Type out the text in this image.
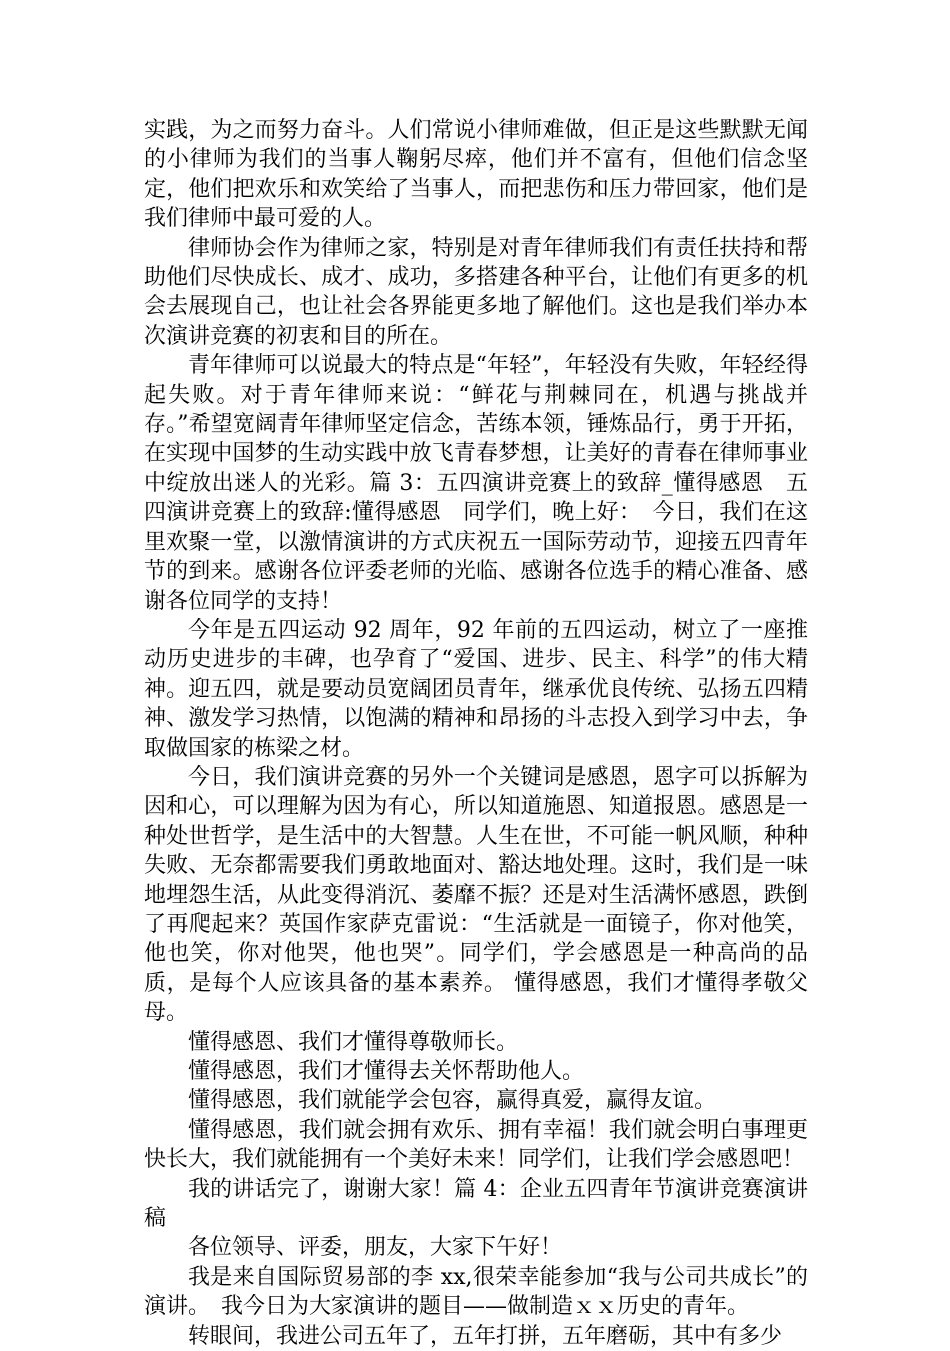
实践，为之而努力奋斗。人们常说小律师难做，但正是这些默默无闻的小律师为我们的当事人鞠躬尽瘁，他们并不富有，但他们信念坚定，他们把欢乐和欢笑给了当事人，而把悲伤和压力带回家，他们是我们律师中最可爱的人。

律师协会作为律师之家，特别是对青年律师我们有责任扶持和帮助他们尽快成长、成才、成功，多搭建各种平台，让他们有更多的机会去展现自己，也让社会各界能更多地了解他们。这也是我们举办本次演讲竞赛的初衷和目的所在。

青年律师可以说最大的特点是“年轻”，年轻没有失败，年轻经得起失败。对于青年律师来说：“鲜花与荆棘同在，机遇与挑战并存。”希望宽阔青年律师坚定信念，苦练本领，锤炼品行，勇于开拓，在实现中国梦的生动实践中放飞青春梦想，让美好的青春在律师事业中绽放出迷人的光彩。篇 3：五四演讲竞赛上的致辞_懂得感恩　五四演讲竞赛上的致辞:懂得感恩　同学们，晚上好：　今日，我们在这里欢聚一堂，以激情演讲的方式庆祝五一国际劳动节，迎接五四青年节的到来。感谢各位评委老师的光临、感谢各位选手的精心准备、感谢各位同学的支持！

今年是五四运动 92 周年，92 年前的五四运动，树立了一座推动历史进步的丰碑，也孕育了“爱国、进步、民主、科学”的伟大精神。迎五四，就是要动员宽阔团员青年，继承优良传统、弘扬五四精神、激发学习热情，以饱满的精神和昂扬的斗志投入到学习中去，争取做国家的栋梁之材。

今日，我们演讲竞赛的另外一个关键词是感恩，恩字可以拆解为因和心，可以理解为因为有心，所以知道施恩、知道报恩。感恩是一种处世哲学，是生活中的大智慧。人生在世，不可能一帆风顺，种种失败、无奈都需要我们勇敢地面对、豁达地处理。这时，我们是一味地埋怨生活，从此变得消沉、萎靡不振？还是对生活满怀感恩，跌倒了再爬起来？英国作家萨克雷说：“生活就是一面镜子，你对他笑，他也笑，你对他哭，他也哭”。同学们，学会感恩是一种高尚的品质，是每个人应该具备的基本素养。 懂得感恩，我们才懂得孝敬父母。

懂得感恩、我们才懂得尊敬师长。

懂得感恩，我们才懂得去关怀帮助他人。

懂得感恩，我们就能学会包容，赢得真爱，赢得友谊。

懂得感恩，我们就会拥有欢乐、拥有幸福！我们就会明白事理更快长大，我们就能拥有一个美好未来！同学们，让我们学会感恩吧！

我的讲话完了，谢谢大家！篇 4：企业五四青年节演讲竞赛演讲稿

各位领导、评委，朋友，大家下午好！

我是来自国际贸易部的李 xx,很荣幸能参加“我与公司共成长”的演讲。　我今日为大家演讲的题目——做制造ｘｘ历史的青年。

转眼间，我进公司五年了，五年打拼，五年磨砺，其中有多少
